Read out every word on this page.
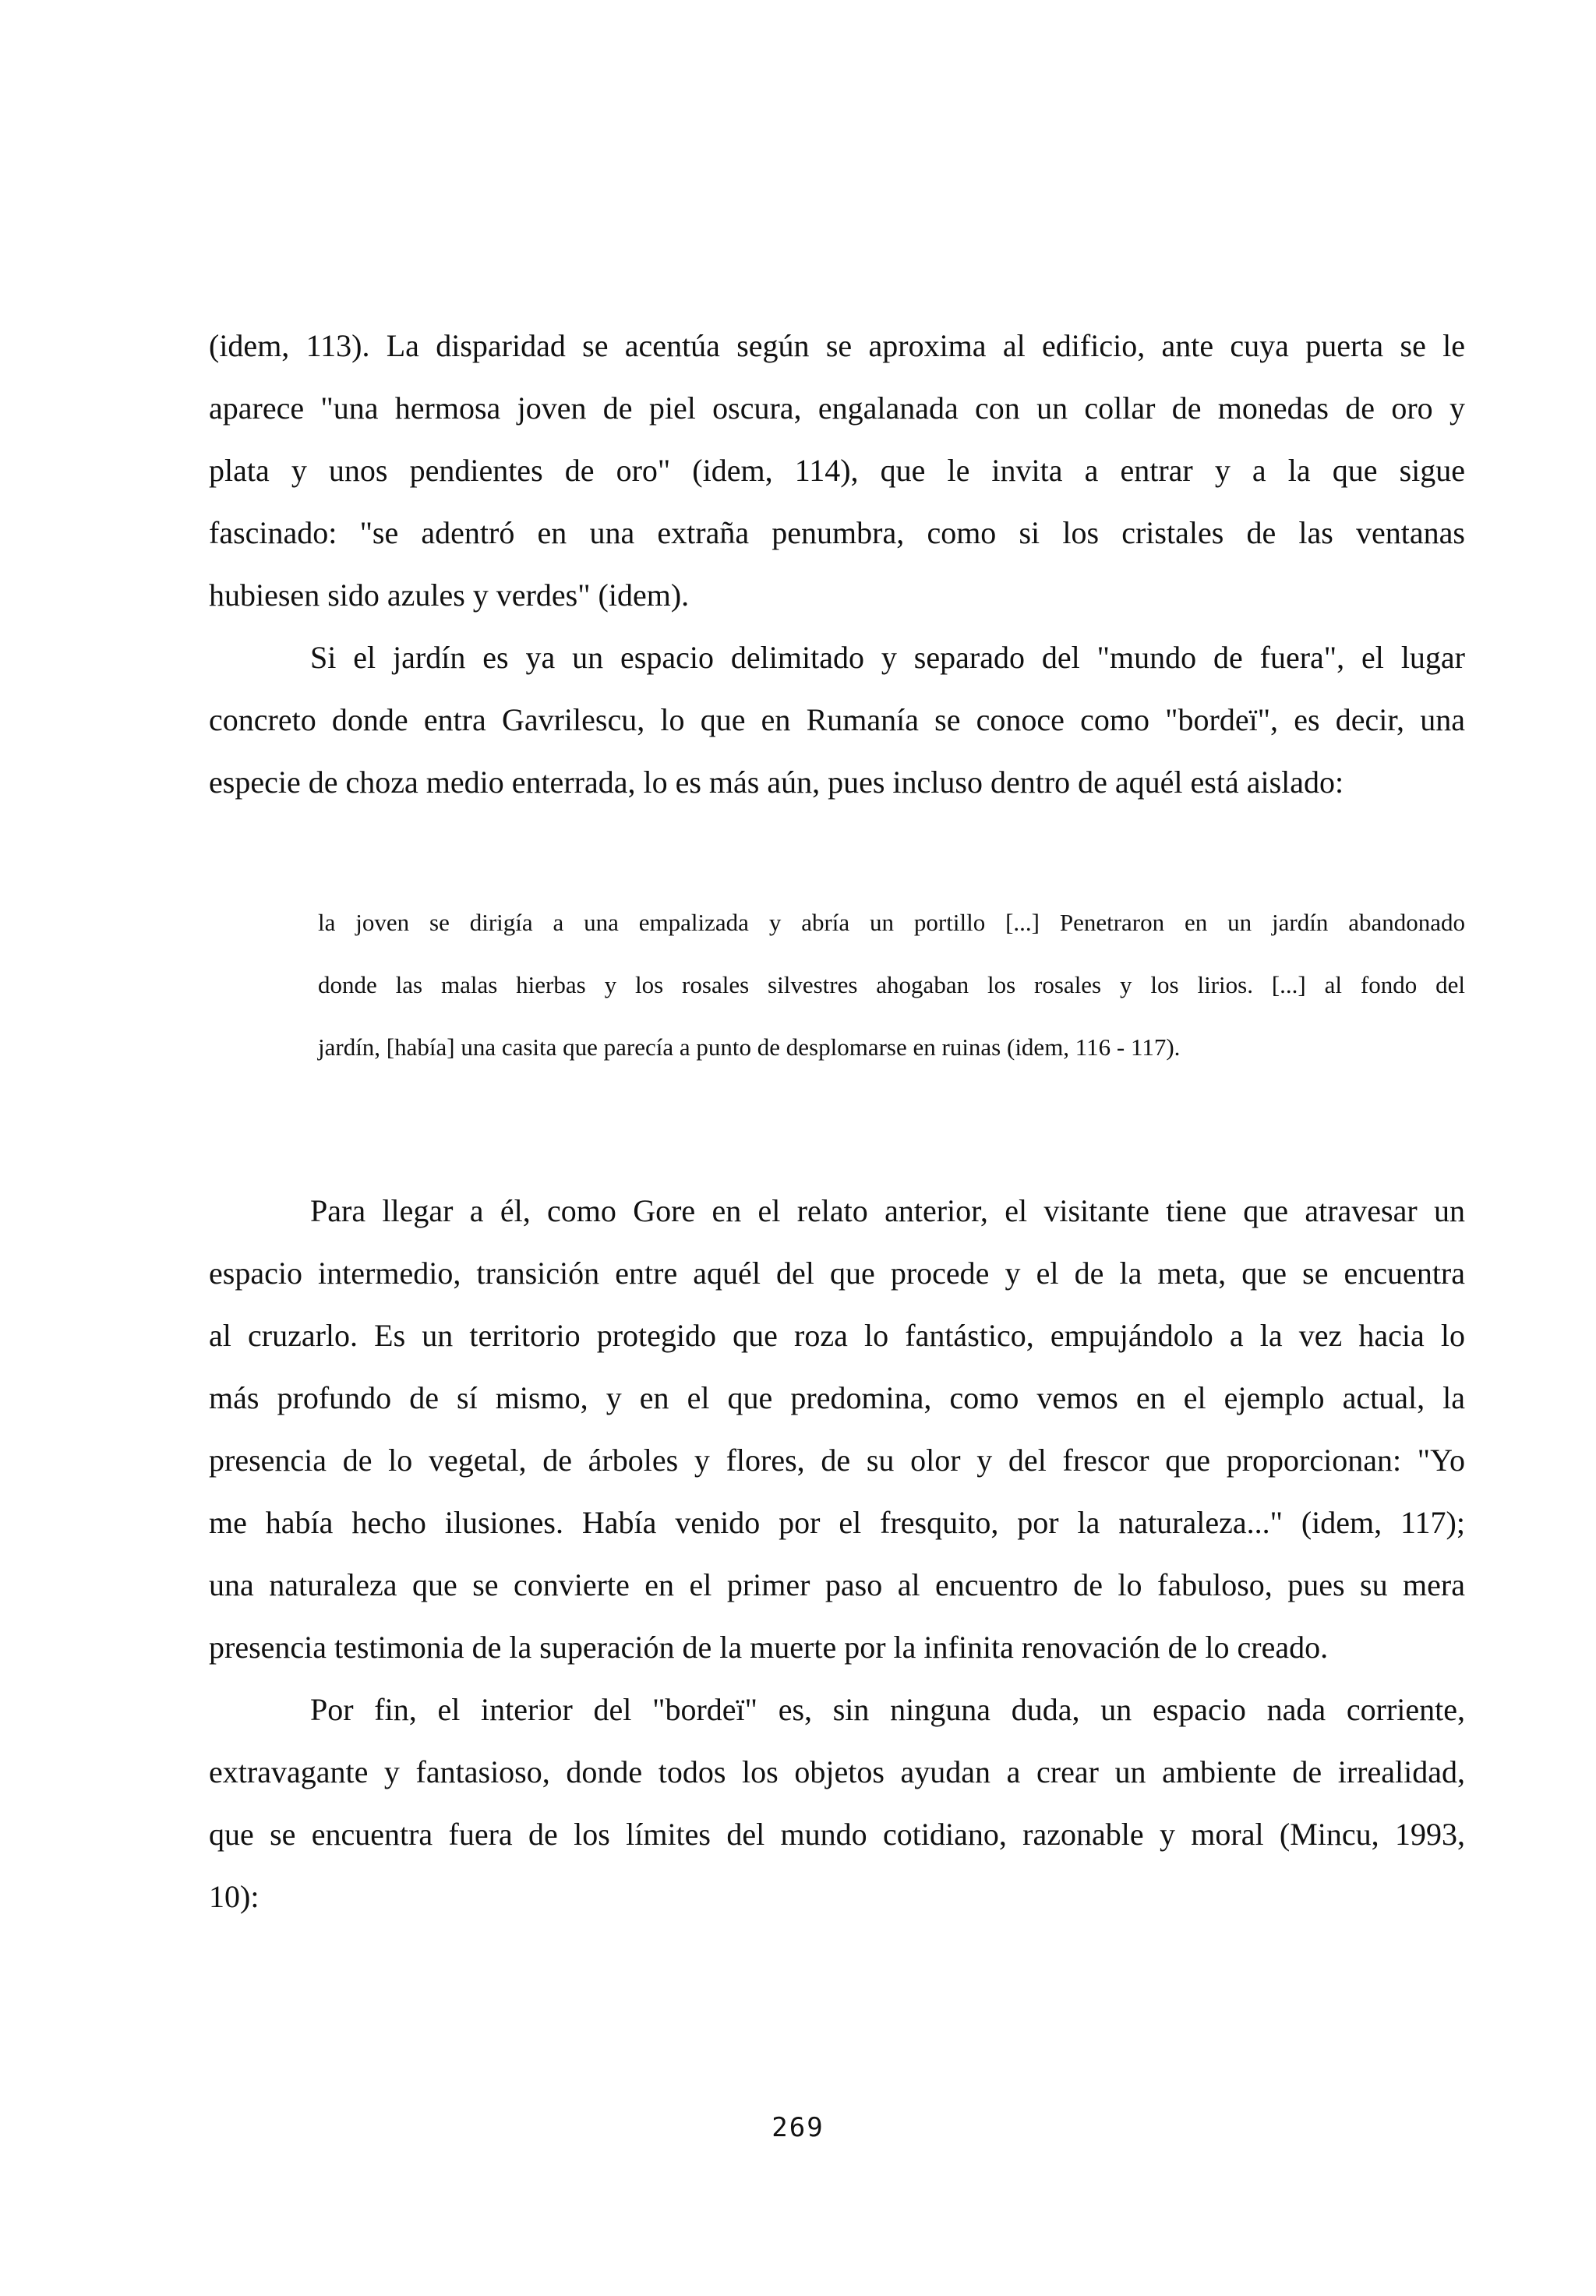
(idem, 113). La disparidad se acentúa según se aproxima al edificio, ante cuya puerta se le
aparece "una hermosa joven de piel oscura, engalanada con un collar de monedas de oro y
plata y unos pendientes de oro" (idem, 114), que le invita a entrar y a la que sigue
fascinado: "se adentró en una extraña penumbra, como si los cristales de las ventanas
hubiesen sido azules y verdes" (idem).
Si el jardín es ya un espacio delimitado y separado del "mundo de fuera", el lugar
concreto donde entra Gavrilescu, lo que en Rumanía se conoce como "bordeï", es decir, una
especie de choza medio enterrada, lo es más aún, pues incluso dentro de aquél está aislado:
la joven se dirigía a una empalizada y abría un portillo [...] Penetraron en un jardín abandonado
donde las malas hierbas y los rosales silvestres ahogaban los rosales y los lirios. [...] al fondo del
jardín, [había] una casita que parecía a punto de desplomarse en ruinas (idem, 116 - 117).
Para llegar a él, como Gore en el relato anterior, el visitante tiene que atravesar un
espacio intermedio, transición entre aquél del que procede y el de la meta, que se encuentra
al cruzarlo. Es un territorio protegido que roza lo fantástico, empujándolo a la vez hacia lo
más profundo de sí mismo, y en el que predomina, como vemos en el ejemplo actual, la
presencia de lo vegetal, de árboles y flores, de su olor y del frescor que proporcionan: "Yo
me había hecho ilusiones. Había venido por el fresquito, por la naturaleza..." (idem, 117);
una naturaleza que se convierte en el primer paso al encuentro de lo fabuloso, pues su mera
presencia testimonia de la superación de la muerte por la infinita renovación de lo creado.
Por fin, el interior del "bordeï" es, sin ninguna duda, un espacio nada corriente,
extravagante y fantasioso, donde todos los objetos ayudan a crear un ambiente de irrealidad,
que se encuentra fuera de los límites del mundo cotidiano, razonable y moral (Mincu, 1993,
10):
269
